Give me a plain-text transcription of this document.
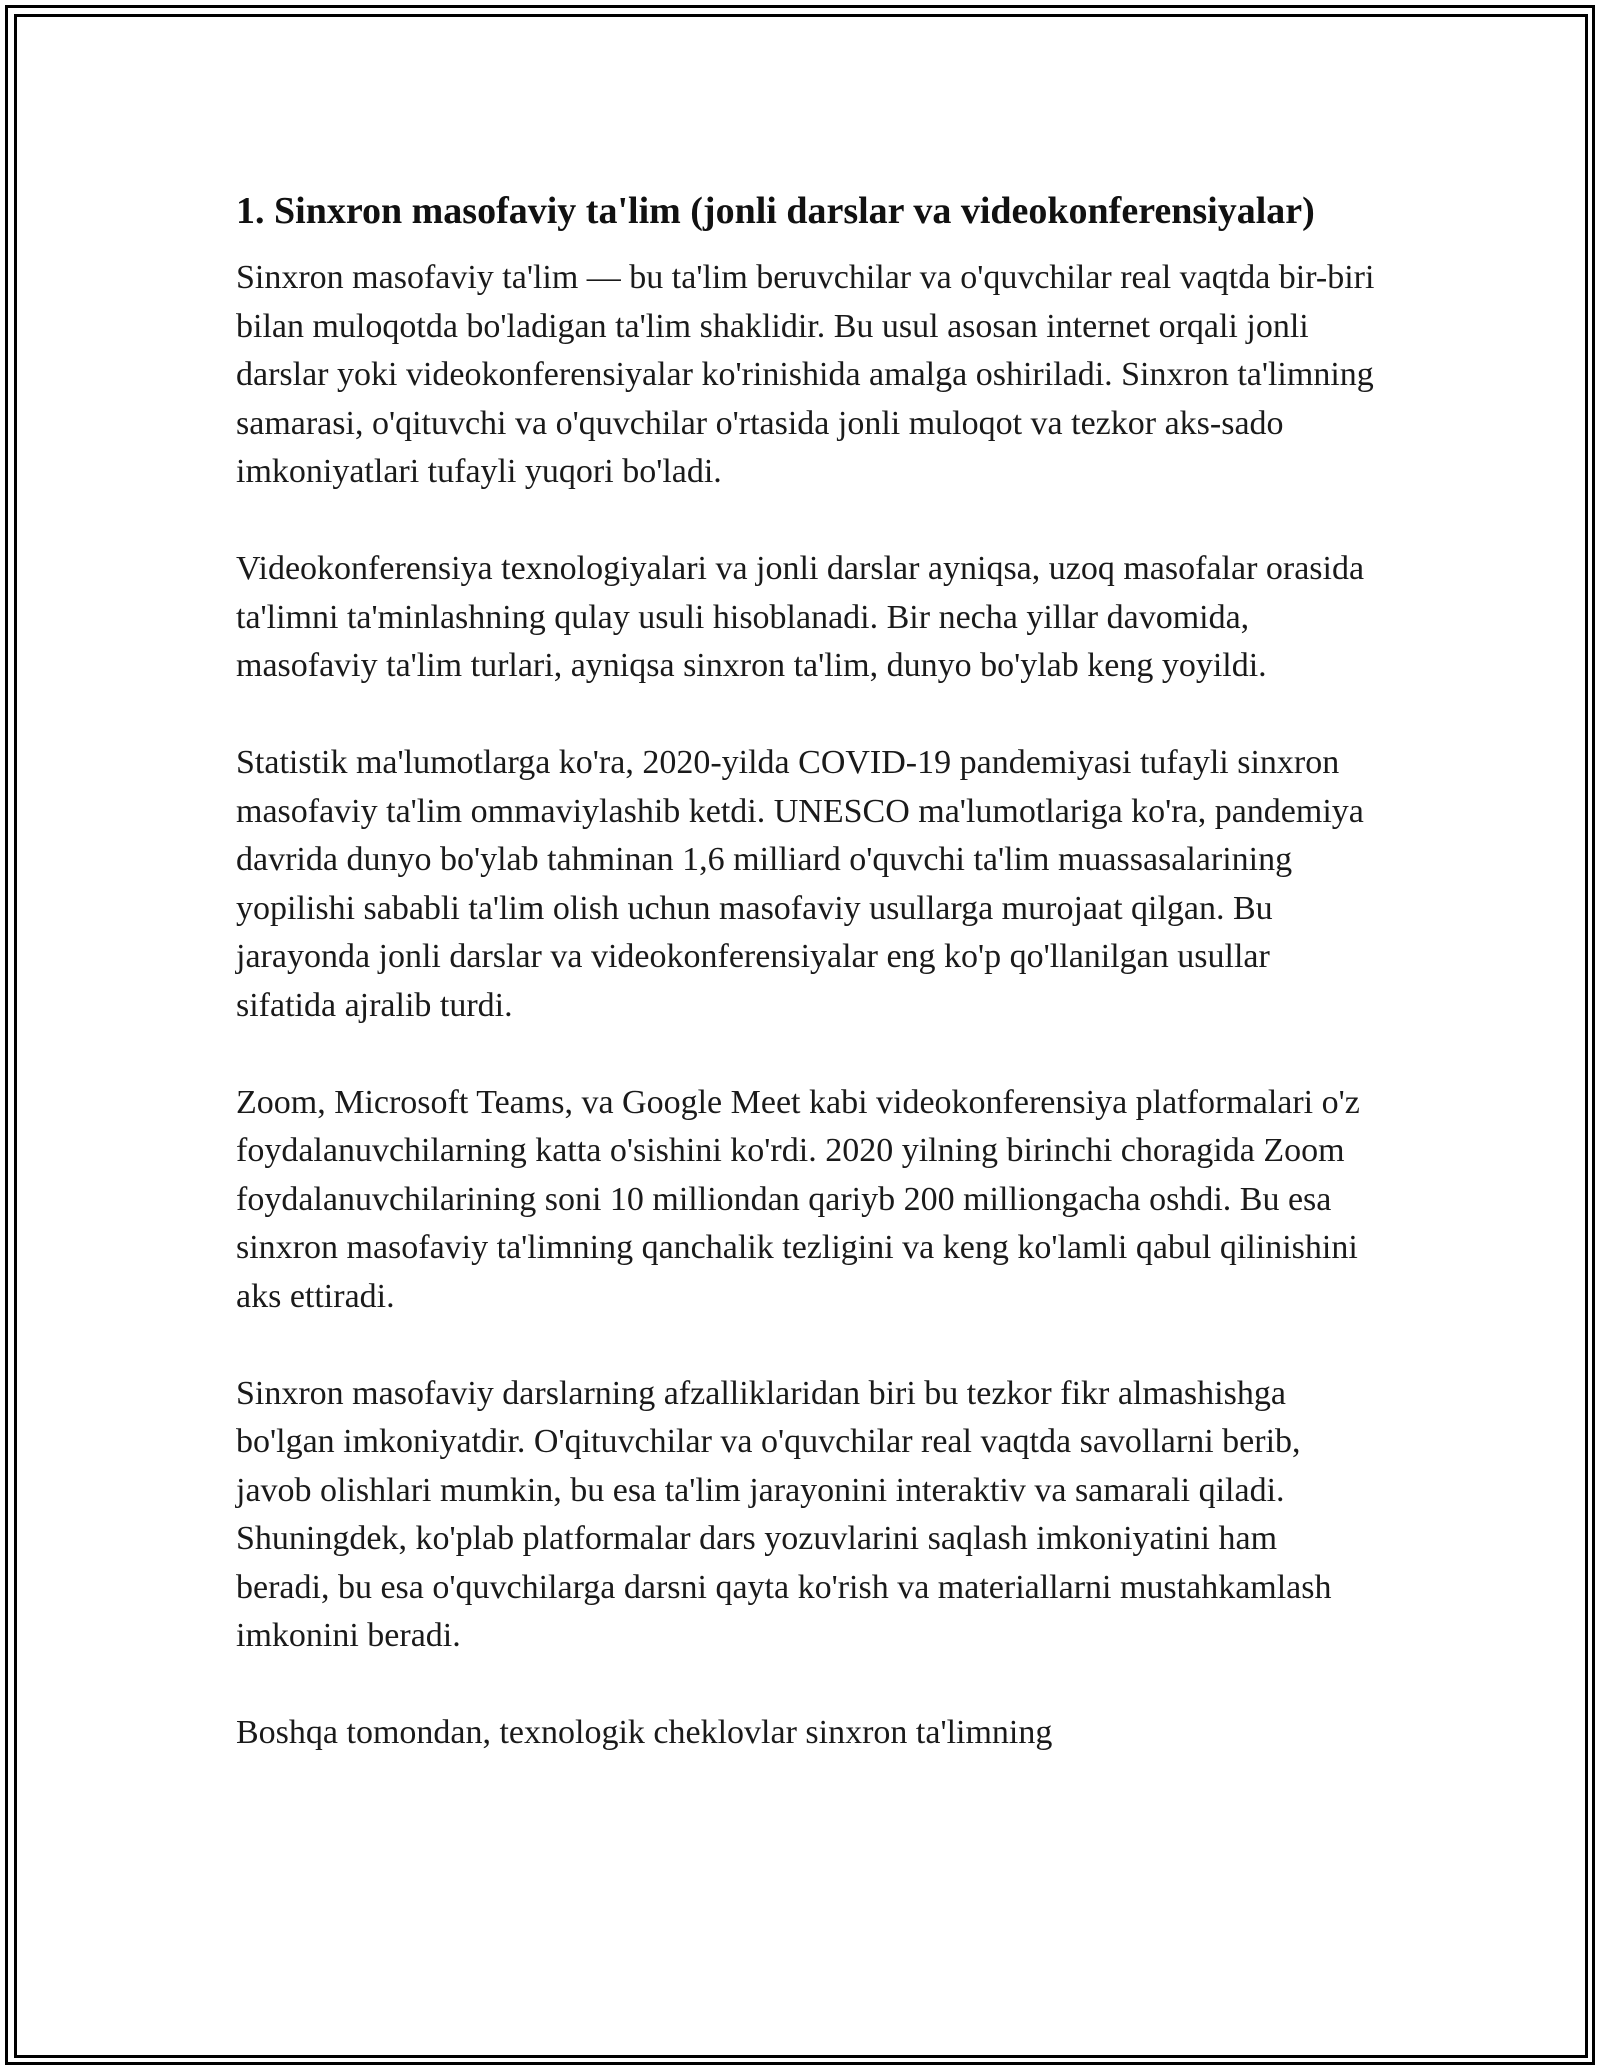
1. Sinxron masofaviy ta'lim (jonli darslar va videokonferensiyalar)

Sinxron masofaviy ta'lim — bu ta'lim beruvchilar va o'quvchilar real vaqtda bir-biri bilan muloqotda bo'ladigan ta'lim shaklidir. Bu usul asosan internet orqali jonli darslar yoki videokonferensiyalar ko'rinishida amalga oshiriladi. Sinxron ta'limning samarasi, o'qituvchi va o'quvchilar o'rtasida jonli muloqot va tezkor aks-sado imkoniyatlari tufayli yuqori bo'ladi.

Videokonferensiya texnologiyalari va jonli darslar ayniqsa, uzoq masofalar orasida ta'limni ta'minlashning qulay usuli hisoblanadi. Bir necha yillar davomida, masofaviy ta'lim turlari, ayniqsa sinxron ta'lim, dunyo bo'ylab keng yoyildi.

Statistik ma'lumotlarga ko'ra, 2020-yilda COVID-19 pandemiyasi tufayli sinxron masofaviy ta'lim ommaviylashib ketdi. UNESCO ma'lumotlariga ko'ra, pandemiya davrida dunyo bo'ylab tahminan 1,6 milliard o'quvchi ta'lim muassasalarining yopilishi sababli ta'lim olish uchun masofaviy usullarga murojaat qilgan. Bu jarayonda jonli darslar va videokonferensiyalar eng ko'p qo'llanilgan usullar sifatida ajralib turdi.

Zoom, Microsoft Teams, va Google Meet kabi videokonferensiya platformalari o'z foydalanuvchilarning katta o'sishini ko'rdi. 2020 yilning birinchi choragida Zoom foydalanuvchilarining soni 10 milliondan qariyb 200 milliongacha oshdi. Bu esa sinxron masofaviy ta'limning qanchalik tezligini va keng ko'lamli qabul qilinishini aks ettiradi.

Sinxron masofaviy darslarning afzalliklaridan biri bu tezkor fikr almashishga bo'lgan imkoniyatdir. O'qituvchilar va o'quvchilar real vaqtda savollarni berib, javob olishlari mumkin, bu esa ta'lim jarayonini interaktiv va samarali qiladi. Shuningdek, ko'plab platformalar dars yozuvlarini saqlash imkoniyatini ham beradi, bu esa o'quvchilarga darsni qayta ko'rish va materiallarni mustahkamlash imkonini beradi.

Boshqa tomondan, texnologik cheklovlar sinxron ta'limning
